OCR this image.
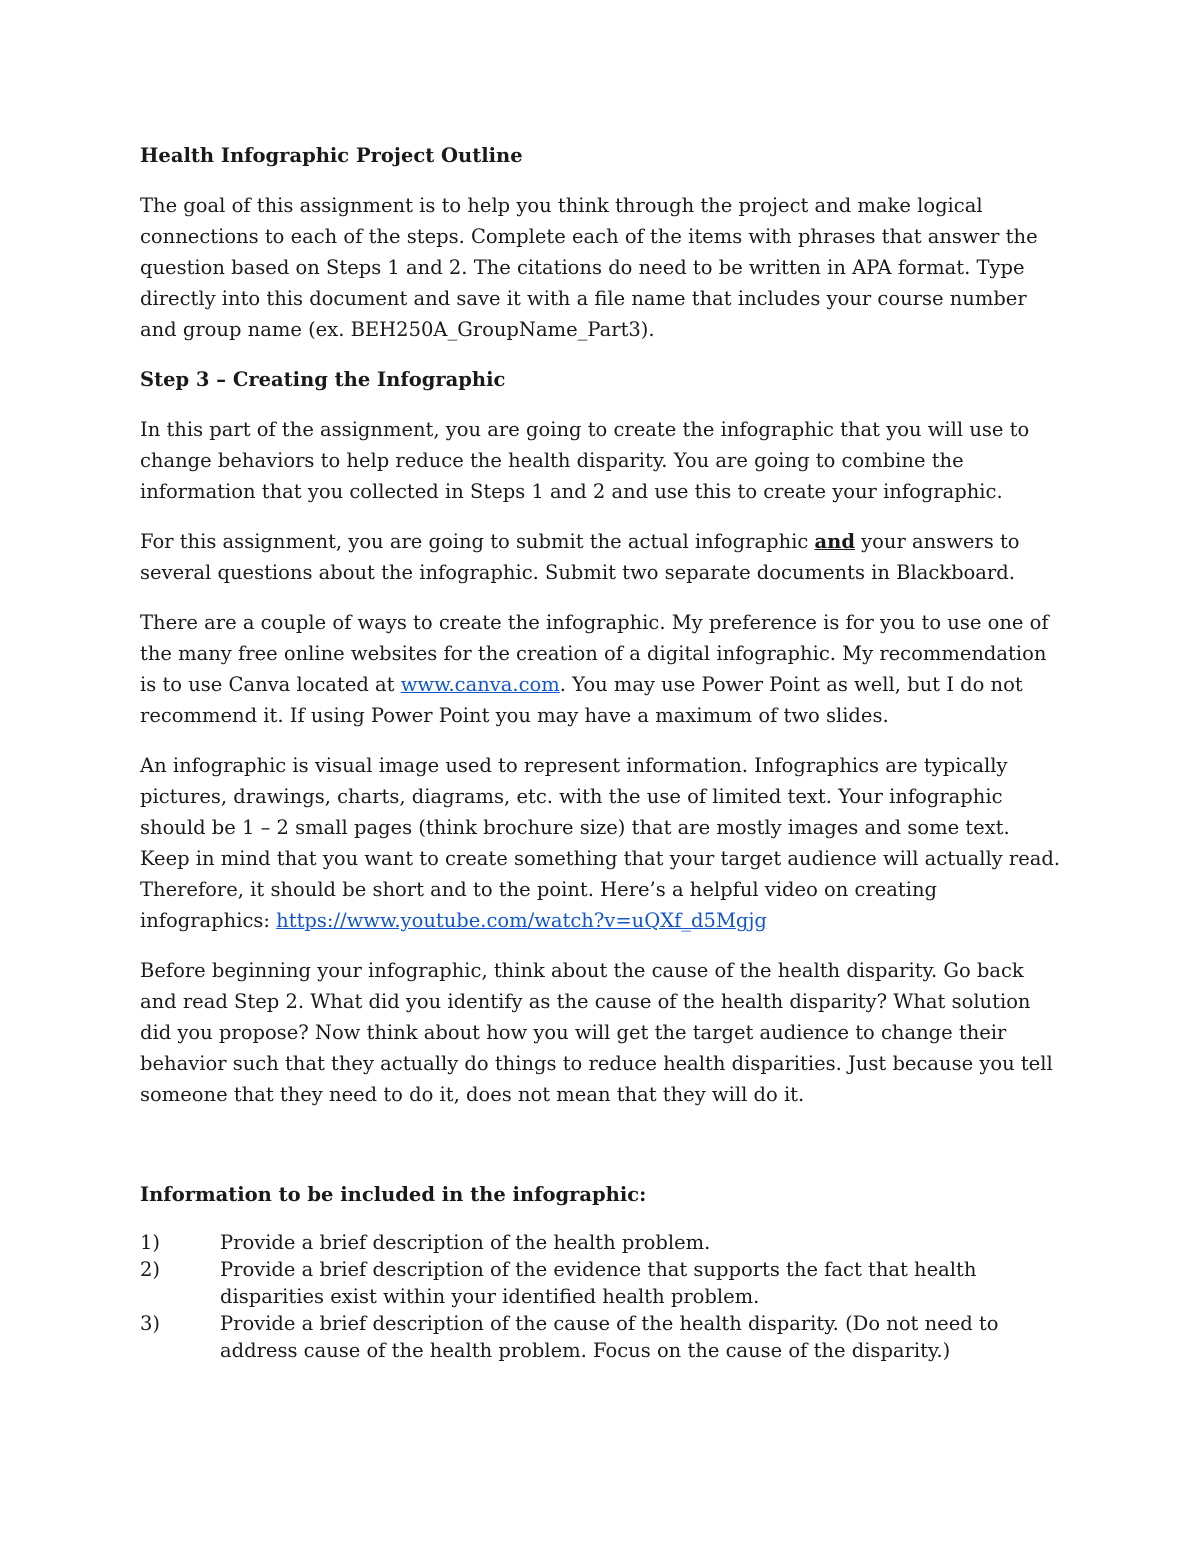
Health Infographic Project Outline

The goal of this assignment is to help you think through the project and make logical connections to each of the steps. Complete each of the items with phrases that answer the question based on Steps 1 and 2. The citations do need to be written in APA format. Type directly into this document and save it with a file name that includes your course number and group name (ex. BEH250A_GroupName_Part3).

Step 3 – Creating the Infographic

In this part of the assignment, you are going to create the infographic that you will use to change behaviors to help reduce the health disparity. You are going to combine the information that you collected in Steps 1 and 2 and use this to create your infographic.

For this assignment, you are going to submit the actual infographic and your answers to several questions about the infographic. Submit two separate documents in Blackboard.

There are a couple of ways to create the infographic. My preference is for you to use one of the many free online websites for the creation of a digital infographic. My recommendation is to use Canva located at www.canva.com. You may use Power Point as well, but I do not recommend it. If using Power Point you may have a maximum of two slides.

An infographic is visual image used to represent information. Infographics are typically pictures, drawings, charts, diagrams, etc. with the use of limited text. Your infographic should be 1 – 2 small pages (think brochure size) that are mostly images and some text. Keep in mind that you want to create something that your target audience will actually read. Therefore, it should be short and to the point. Here’s a helpful video on creating infographics: https://www.youtube.com/watch?v=uQXf_d5Mgjg

Before beginning your infographic, think about the cause of the health disparity. Go back and read Step 2. What did you identify as the cause of the health disparity? What solution did you propose? Now think about how you will get the target audience to change their behavior such that they actually do things to reduce health disparities. Just because you tell someone that they need to do it, does not mean that they will do it.

Information to be included in the infographic:
1)	Provide a brief description of the health problem.
2)	Provide a brief description of the evidence that supports the fact that health disparities exist within your identified health problem.
3)	Provide a brief description of the cause of the health disparity. (Do not need to address cause of the health problem. Focus on the cause of the disparity.)
